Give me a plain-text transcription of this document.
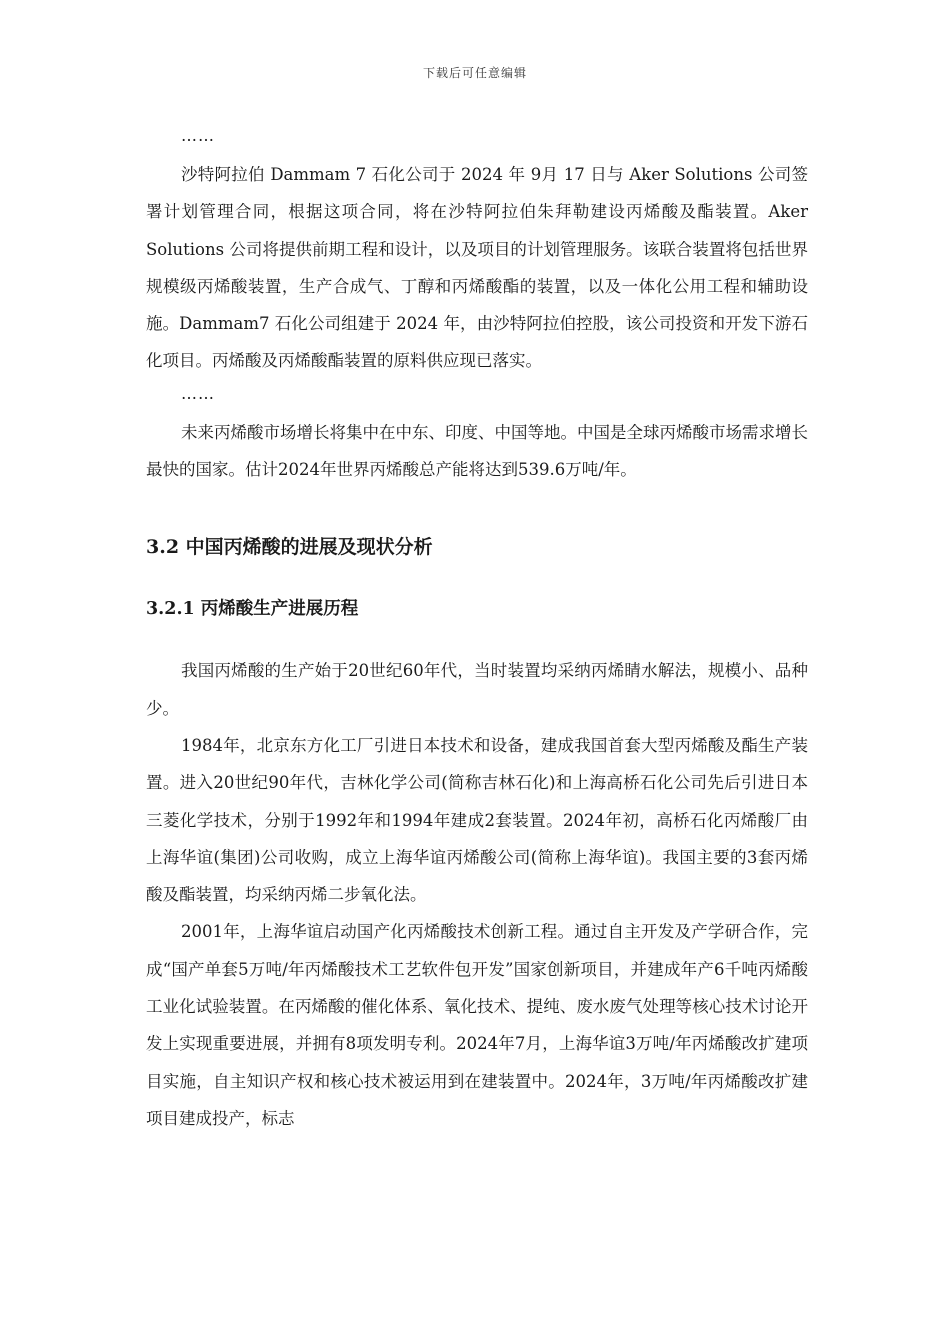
下载后可任意编辑

……

沙特阿拉伯 Dammam 7 石化公司于 2024 年 9月 17 日与 Aker Solutions 公司签署计划管理合同，根据这项合同，将在沙特阿拉伯朱拜勒建设丙烯酸及酯装置。Aker Solutions 公司将提供前期工程和设计，以及项目的计划管理服务。该联合装置将包括世界规模级丙烯酸装置，生产合成气、丁醇和丙烯酸酯的装置，以及一体化公用工程和辅助设施。Dammam7 石化公司组建于 2024 年，由沙特阿拉伯控股，该公司投资和开发下游石化项目。丙烯酸及丙烯酸酯装置的原料供应现已落实。

……

未来丙烯酸市场增长将集中在中东、印度、中国等地。中国是全球丙烯酸市场需求增长最快的国家。估计2024年世界丙烯酸总产能将达到539.6万吨/年。

3.2 中国丙烯酸的进展及现状分析
3.2.1 丙烯酸生产进展历程

我国丙烯酸的生产始于20世纪60年代，当时装置均采纳丙烯睛水解法，规模小、品种少。

1984年，北京东方化工厂引进日本技术和设备，建成我国首套大型丙烯酸及酯生产装置。进入20世纪90年代，吉林化学公司(简称吉林石化)和上海高桥石化公司先后引进日本三菱化学技术，分别于1992年和1994年建成2套装置。2024年初，高桥石化丙烯酸厂由上海华谊(集团)公司收购，成立上海华谊丙烯酸公司(简称上海华谊)。我国主要的3套丙烯酸及酯装置，均采纳丙烯二步氧化法。

2001年，上海华谊启动国产化丙烯酸技术创新工程。通过自主开发及产学研合作，完成“国产单套5万吨/年丙烯酸技术工艺软件包开发”国家创新项目，并建成年产6千吨丙烯酸工业化试验装置。在丙烯酸的催化体系、氧化技术、提纯、废水废气处理等核心技术讨论开发上实现重要进展，并拥有8项发明专利。2024年7月，上海华谊3万吨/年丙烯酸改扩建项目实施，自主知识产权和核心技术被运用到在建装置中。2024年，3万吨/年丙烯酸改扩建项目建成投产，标志
